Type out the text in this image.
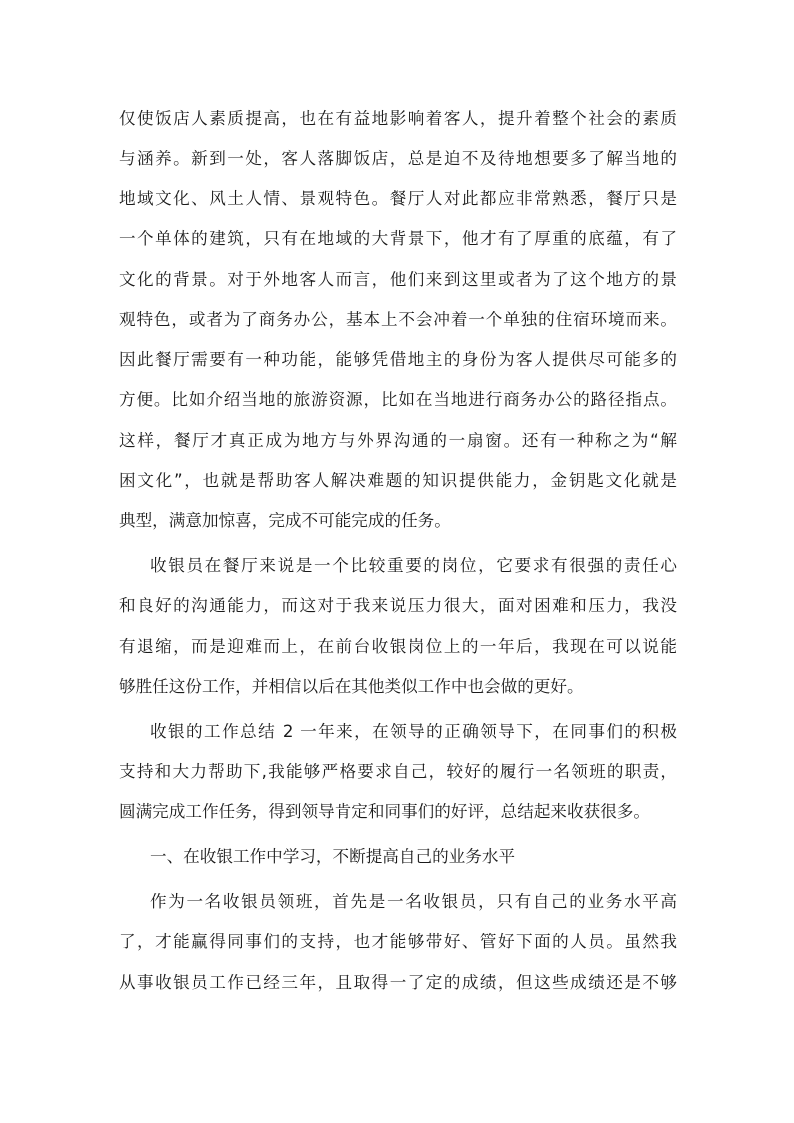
仅使饭店人素质提高，也在有益地影响着客人，提升着整个社会的素质
与涵养。新到一处，客人落脚饭店，总是迫不及待地想要多了解当地的
地域文化、风土人情、景观特色。餐厅人对此都应非常熟悉，餐厅只是
一个单体的建筑，只有在地域的大背景下，他才有了厚重的底蕴，有了
文化的背景。对于外地客人而言，他们来到这里或者为了这个地方的景
观特色，或者为了商务办公，基本上不会冲着一个单独的住宿环境而来。
因此餐厅需要有一种功能，能够凭借地主的身份为客人提供尽可能多的
方便。比如介绍当地的旅游资源，比如在当地进行商务办公的路径指点。
这样，餐厅才真正成为地方与外界沟通的一扇窗。还有一种称之为“解
困文化”，也就是帮助客人解决难题的知识提供能力，金钥匙文化就是
典型，满意加惊喜，完成不可能完成的任务。
收银员在餐厅来说是一个比较重要的岗位，它要求有很强的责任心
和良好的沟通能力，而这对于我来说压力很大，面对困难和压力，我没
有退缩，而是迎难而上，在前台收银岗位上的一年后，我现在可以说能
够胜任这份工作，并相信以后在其他类似工作中也会做的更好。
收银的工作总结 2 一年来，在领导的正确领导下，在同事们的积极
支持和大力帮助下,我能够严格要求自己，较好的履行一名领班的职责，
圆满完成工作任务，得到领导肯定和同事们的好评，总结起来收获很多。
一、在收银工作中学习，不断提高自己的业务水平
作为一名收银员领班，首先是一名收银员，只有自己的业务水平高
了，才能赢得同事们的支持，也才能够带好、管好下面的人员。虽然我
从事收银员工作已经三年，且取得一了定的成绩，但这些成绩还是不够
